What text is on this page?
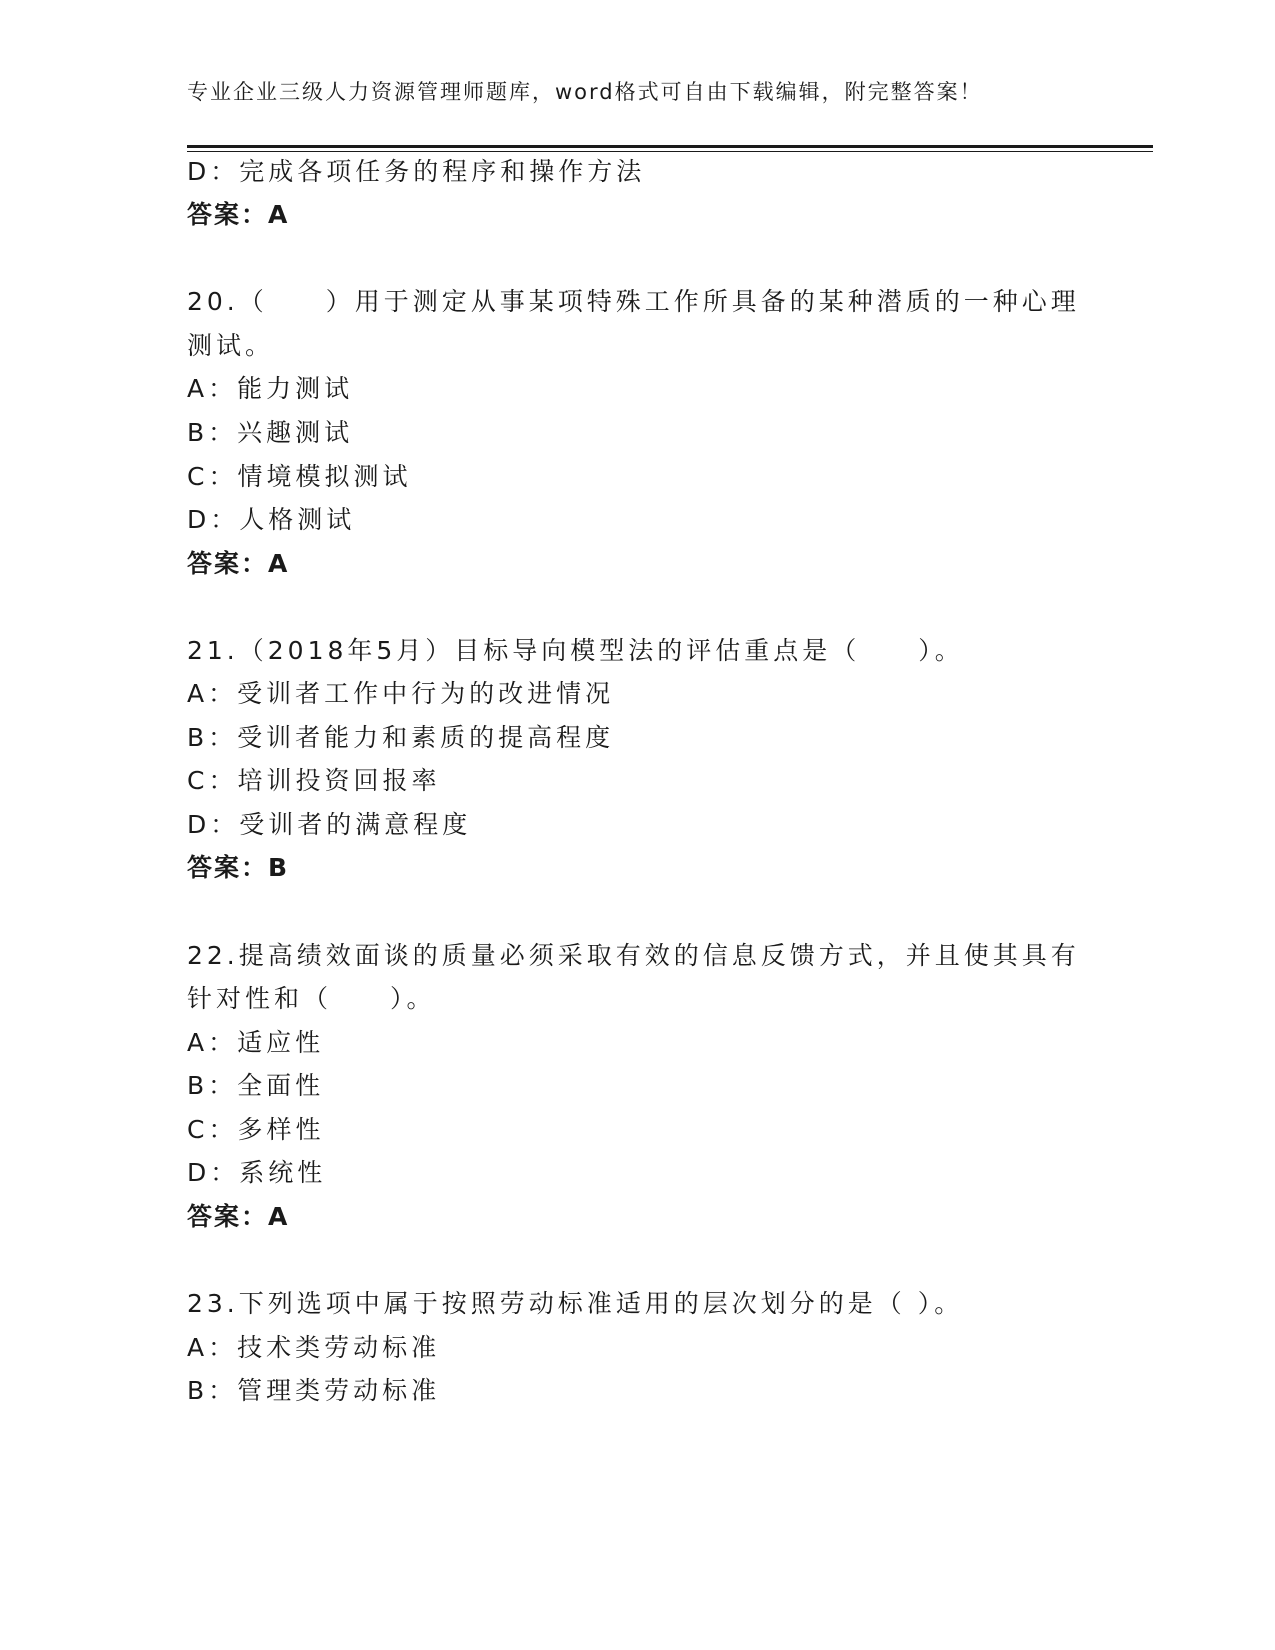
专业企业三级人力资源管理师题库，word格式可自由下载编辑，附完整答案！
D：完成各项任务的程序和操作方法
答案：A
20.（　　）用于测定从事某项特殊工作所具备的某种潜质的一种心理
测试。
A：能力测试
B：兴趣测试
C：情境模拟测试
D：人格测试
答案：A
21.（2018年5月）目标导向模型法的评估重点是（　　）。
A：受训者工作中行为的改进情况
B：受训者能力和素质的提高程度
C：培训投资回报率
D：受训者的满意程度
答案：B
22.提高绩效面谈的质量必须采取有效的信息反馈方式，并且使其具有
针对性和（　　）。
A：适应性
B：全面性
C：多样性
D：系统性
答案：A
23.下列选项中属于按照劳动标准适用的层次划分的是（ ）。
A：技术类劳动标准
B：管理类劳动标准
